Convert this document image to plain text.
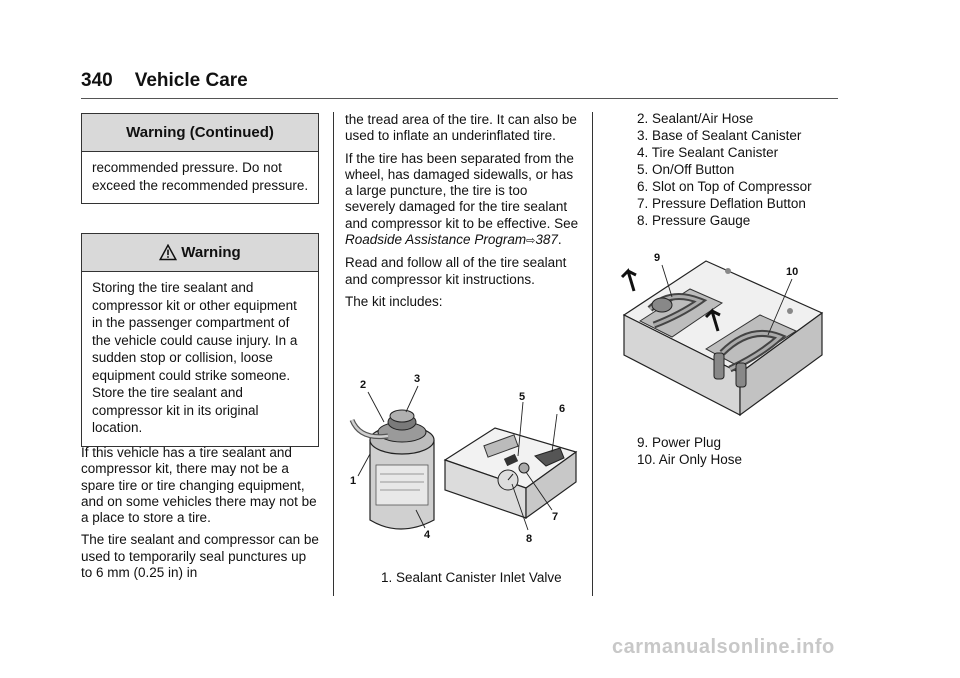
340 Vehicle Care
Warning (Continued)
recommended pressure. Do not exceed the recommended pressure.
Warning
Storing the tire sealant and compressor kit or other equipment in the passenger compartment of the vehicle could cause injury. In a sudden stop or collision, loose equipment could strike someone. Store the tire sealant and compressor kit in its original location.

If this vehicle has a tire sealant and compressor kit, there may not be a spare tire or tire changing equipment, and on some vehicles there may not be a place to store a tire.

The tire sealant and compressor can be used to temporarily seal punctures up to 6 mm (0.25 in) in

the tread area of the tire. It can also be used to inflate an underinflated tire.

If the tire has been separated from the wheel, has damaged sidewalls, or has a large puncture, the tire is too severely damaged for the tire sealant and compressor kit to be effective. See Roadside Assistance Program⇨387.

Read and follow all of the tire sealant and compressor kit instructions.

The kit includes:

2	3
5
6
1
7
4	8
1. Sealant Canister Inlet Valve
2. Sealant/Air Hose
3. Base of Sealant Canister
4. Tire Sealant Canister
5. On/Off Button
6. Slot on Top of Compressor
7. Pressure Deflation Button
8. Pressure Gauge
9
10
9. Power Plug
10. Air Only Hose
carmanualsonline.info
